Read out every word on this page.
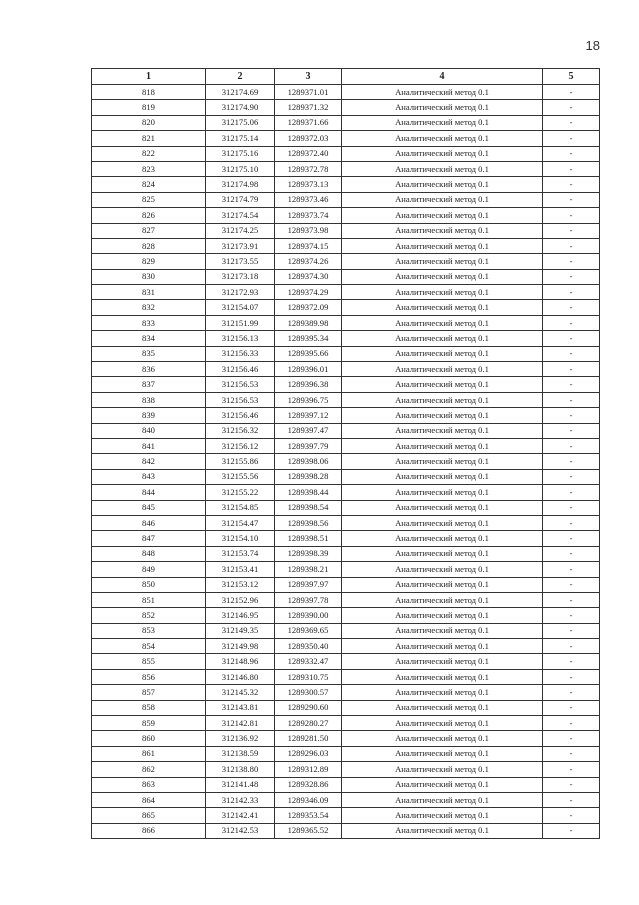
18
1	2	3	4	5
818	312174.69	1289371.01	Аналитический метод 0.1	-
819	312174.90	1289371.32	Аналитический метод 0.1	-
820	312175.06	1289371.66	Аналитический метод 0.1	-
821	312175.14	1289372.03	Аналитический метод 0.1	-
822	312175.16	1289372.40	Аналитический метод 0.1	-
823	312175.10	1289372.78	Аналитический метод 0.1	-
824	312174.98	1289373.13	Аналитический метод 0.1	-
825	312174.79	1289373.46	Аналитический метод 0.1	-
826	312174.54	1289373.74	Аналитический метод 0.1	-
827	312174.25	1289373.98	Аналитический метод 0.1	-
828	312173.91	1289374.15	Аналитический метод 0.1	-
829	312173.55	1289374.26	Аналитический метод 0.1	-
830	312173.18	1289374.30	Аналитический метод 0.1	-
831	312172.93	1289374.29	Аналитический метод 0.1	-
832	312154.07	1289372.09	Аналитический метод 0.1	-
833	312151.99	1289389.98	Аналитический метод 0.1	-
834	312156.13	1289395.34	Аналитический метод 0.1	-
835	312156.33	1289395.66	Аналитический метод 0.1	-
836	312156.46	1289396.01	Аналитический метод 0.1	-
837	312156.53	1289396.38	Аналитический метод 0.1	-
838	312156.53	1289396.75	Аналитический метод 0.1	-
839	312156.46	1289397.12	Аналитический метод 0.1	-
840	312156.32	1289397.47	Аналитический метод 0.1	-
841	312156.12	1289397.79	Аналитический метод 0.1	-
842	312155.86	1289398.06	Аналитический метод 0.1	-
843	312155.56	1289398.28	Аналитический метод 0.1	-
844	312155.22	1289398.44	Аналитический метод 0.1	-
845	312154.85	1289398.54	Аналитический метод 0.1	-
846	312154.47	1289398.56	Аналитический метод 0.1	-
847	312154.10	1289398.51	Аналитический метод 0.1	-
848	312153.74	1289398.39	Аналитический метод 0.1	-
849	312153.41	1289398.21	Аналитический метод 0.1	-
850	312153.12	1289397.97	Аналитический метод 0.1	-
851	312152.96	1289397.78	Аналитический метод 0.1	-
852	312146.95	1289390.00	Аналитический метод 0.1	-
853	312149.35	1289369.65	Аналитический метод 0.1	-
854	312149.98	1289350.40	Аналитический метод 0.1	-
855	312148.96	1289332.47	Аналитический метод 0.1	-
856	312146.80	1289310.75	Аналитический метод 0.1	-
857	312145.32	1289300.57	Аналитический метод 0.1	-
858	312143.81	1289290.60	Аналитический метод 0.1	-
859	312142.81	1289280.27	Аналитический метод 0.1	-
860	312136.92	1289281.50	Аналитический метод 0.1	-
861	312138.59	1289296.03	Аналитический метод 0.1	-
862	312138.80	1289312.89	Аналитический метод 0.1	-
863	312141.48	1289328.86	Аналитический метод 0.1	-
864	312142.33	1289346.09	Аналитический метод 0.1	-
865	312142.41	1289353.54	Аналитический метод 0.1	-
866	312142.53	1289365.52	Аналитический метод 0.1	-
